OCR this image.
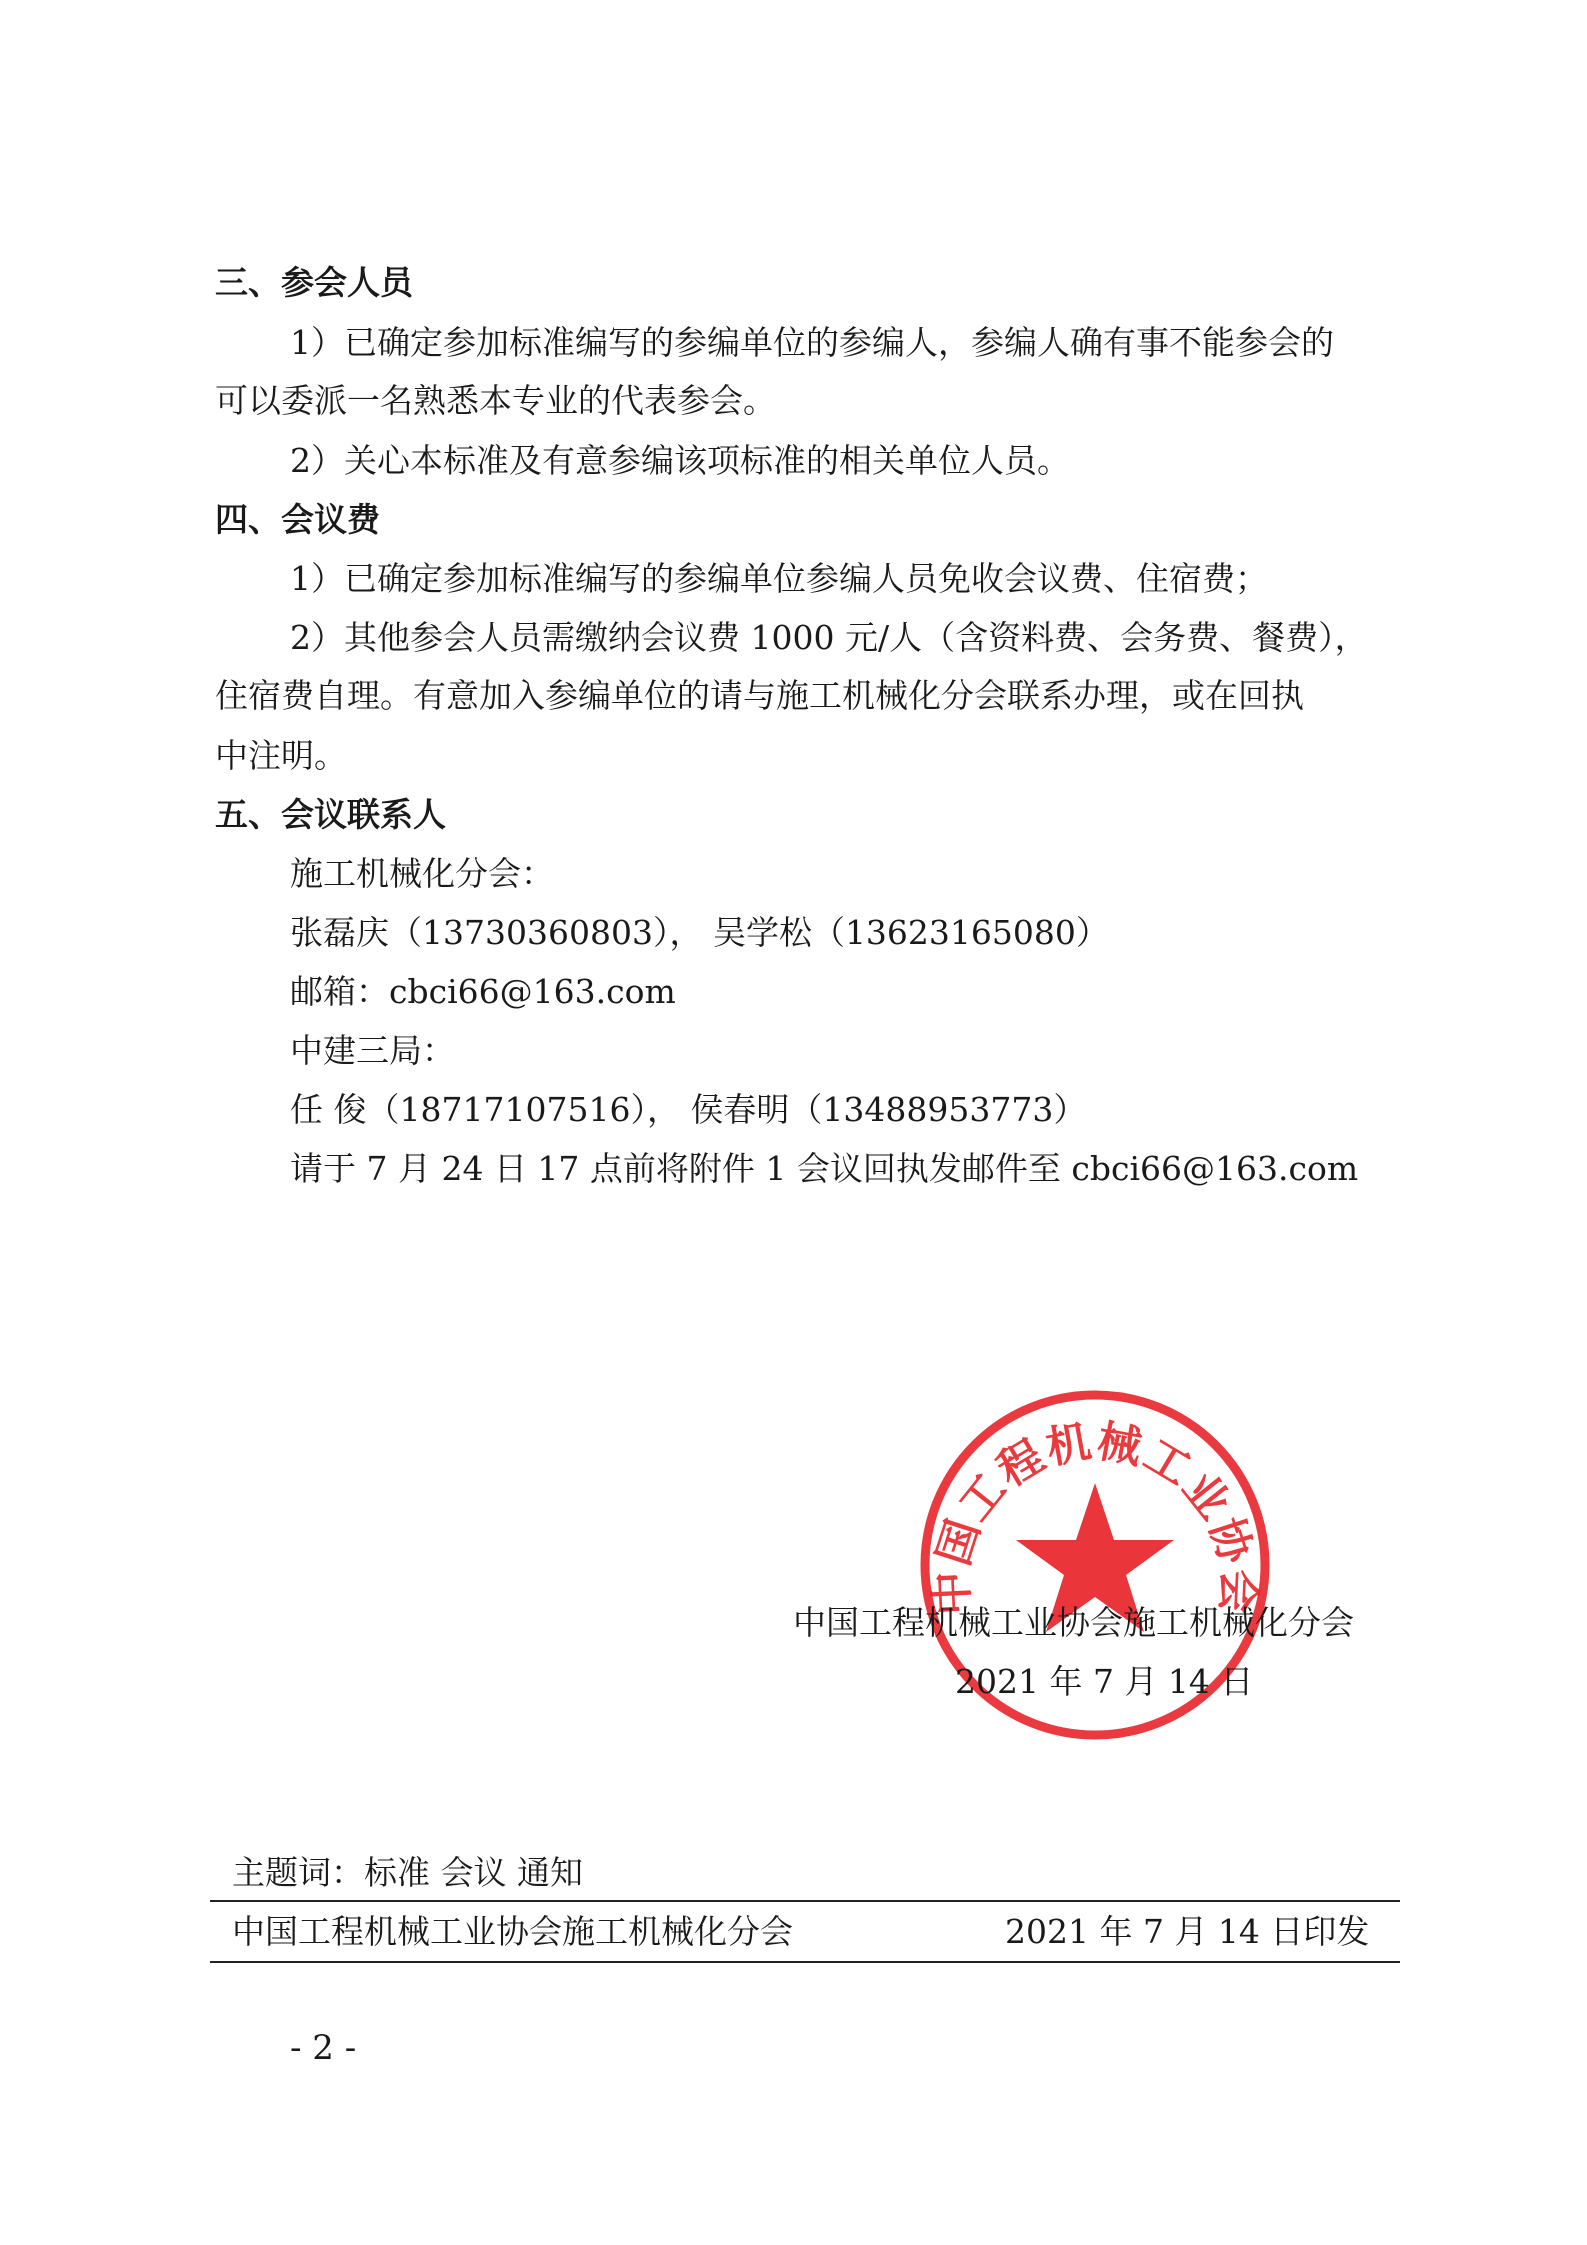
三、参会人员
1）已确定参加标准编写的参编单位的参编人，参编人确有事不能参会的
可以委派一名熟悉本专业的代表参会。
2）关心本标准及有意参编该项标准的相关单位人员。
四、会议费
1）已确定参加标准编写的参编单位参编人员免收会议费、住宿费；
2）其他参会人员需缴纳会议费 1000 元/人（含资料费、会务费、餐费），
住宿费自理。有意加入参编单位的请与施工机械化分会联系办理，或在回执
中注明。
五、会议联系人
施工机械化分会：
张磊庆（13730360803）， 吴学松（13623165080）
邮箱：cbci66@163.com
中建三局：
任 俊（18717107516）， 侯春明（13488953773）
请于 7 月 24 日 17 点前将附件 1 会议回执发邮件至 cbci66@163.com
中国工程机械工业协会
中国工程机械工业协会施工机械化分会
2021 年 7 月 14 日
主题词：标准 会议 通知
中国工程机械工业协会施工机械化分会	2021 年 7 月 14 日印发
- 2 -
